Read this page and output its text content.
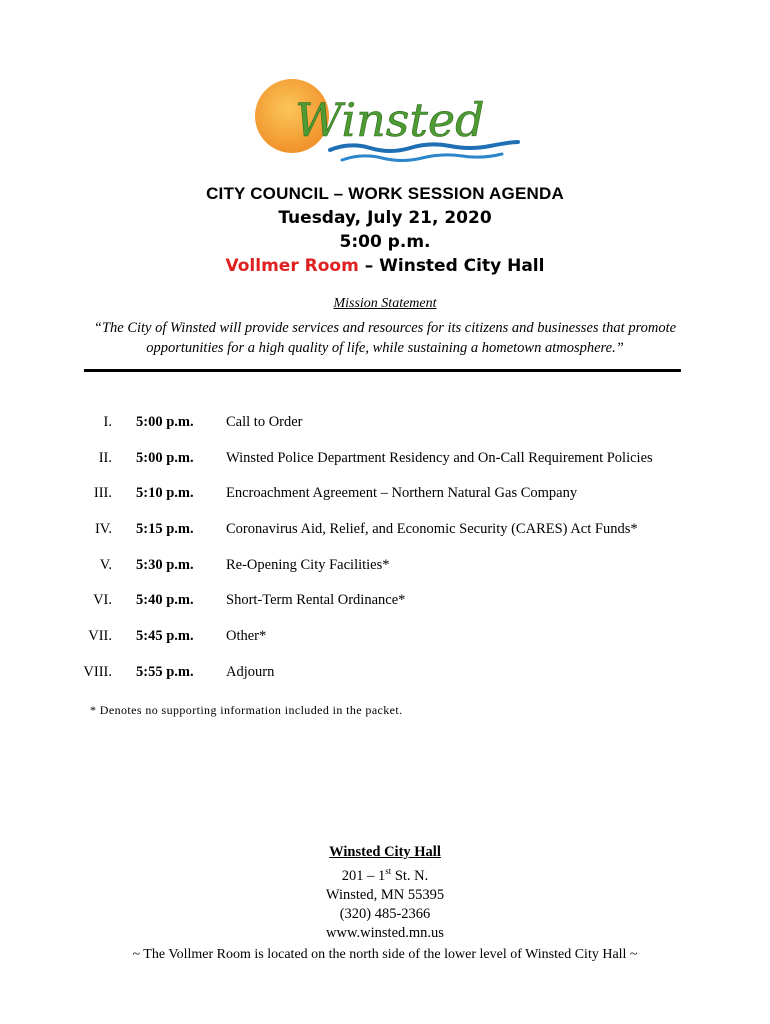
Winsted
CITY COUNCIL – WORK SESSION AGENDA
Tuesday, July 21, 2020
5:00 p.m.
Vollmer Room – Winsted City Hall
Mission Statement
“The City of Winsted will provide services and resources for its citizens and businesses that promote opportunities for a high quality of life, while sustaining a hometown atmosphere.”
I. 5:00 p.m. Call to Order
II. 5:00 p.m. Winsted Police Department Residency and On-Call Requirement Policies
III. 5:10 p.m. Encroachment Agreement – Northern Natural Gas Company
IV. 5:15 p.m. Coronavirus Aid, Relief, and Economic Security (CARES) Act Funds*
V. 5:30 p.m. Re-Opening City Facilities*
VI. 5:40 p.m. Short-Term Rental Ordinance*
VII. 5:45 p.m. Other*
VIII. 5:55 p.m. Adjourn
* Denotes no supporting information included in the packet.
Winsted City Hall
201 – 1st St. N.
Winsted, MN 55395
(320) 485-2366
www.winsted.mn.us
~ The Vollmer Room is located on the north side of the lower level of Winsted City Hall ~
